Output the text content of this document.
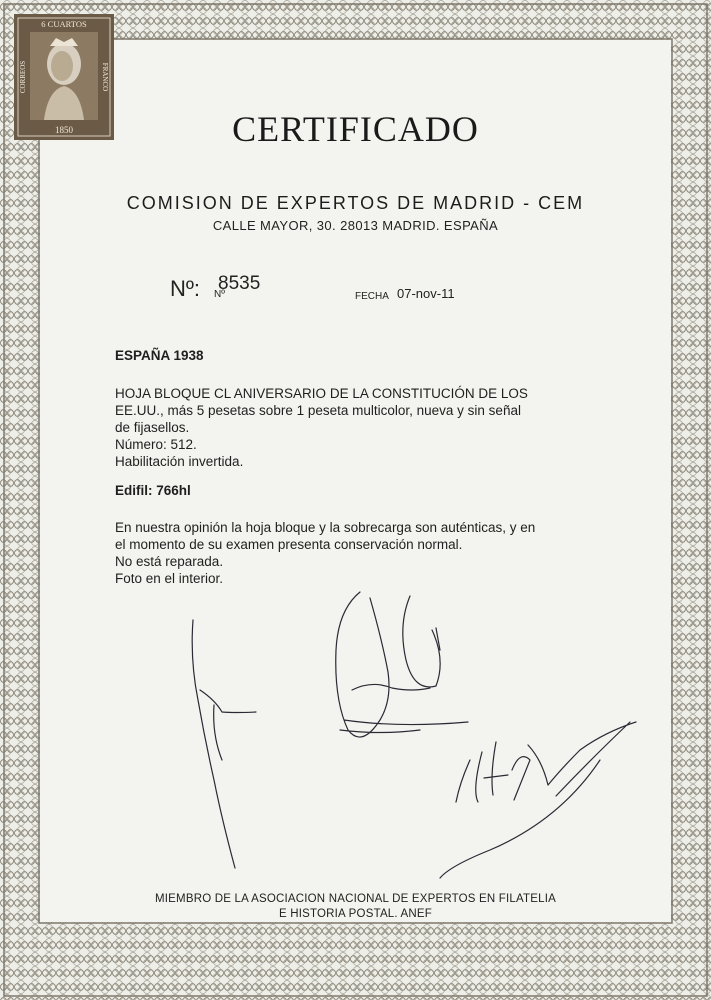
6 CUARTOS
CORREOS	FRANCO
1850	CERTIFICADO
COMISION DE EXPERTOS DE MADRID - CEM
CALLE MAYOR, 30. 28013 MADRID. ESPAÑA
Nº: Nº
8535
FECHA 07-nov-11
ESPAÑA 1938
HOJA BLOQUE CL ANIVERSARIO DE LA CONSTITUCIÓN DE LOS
EE.UU., más 5 pesetas sobre 1 peseta multicolor, nueva y sin señal
de fijasellos.
Número: 512.
Habilitación invertida.
Edifil: 766hl
En nuestra opinión la hoja bloque y la sobrecarga son auténticas, y en
el momento de su examen presenta conservación normal.
No está reparada.
Foto en el interior.
MIEMBRO DE LA ASOCIACION NACIONAL DE EXPERTOS EN FILATELIA
E HISTORIA POSTAL. ANEF
